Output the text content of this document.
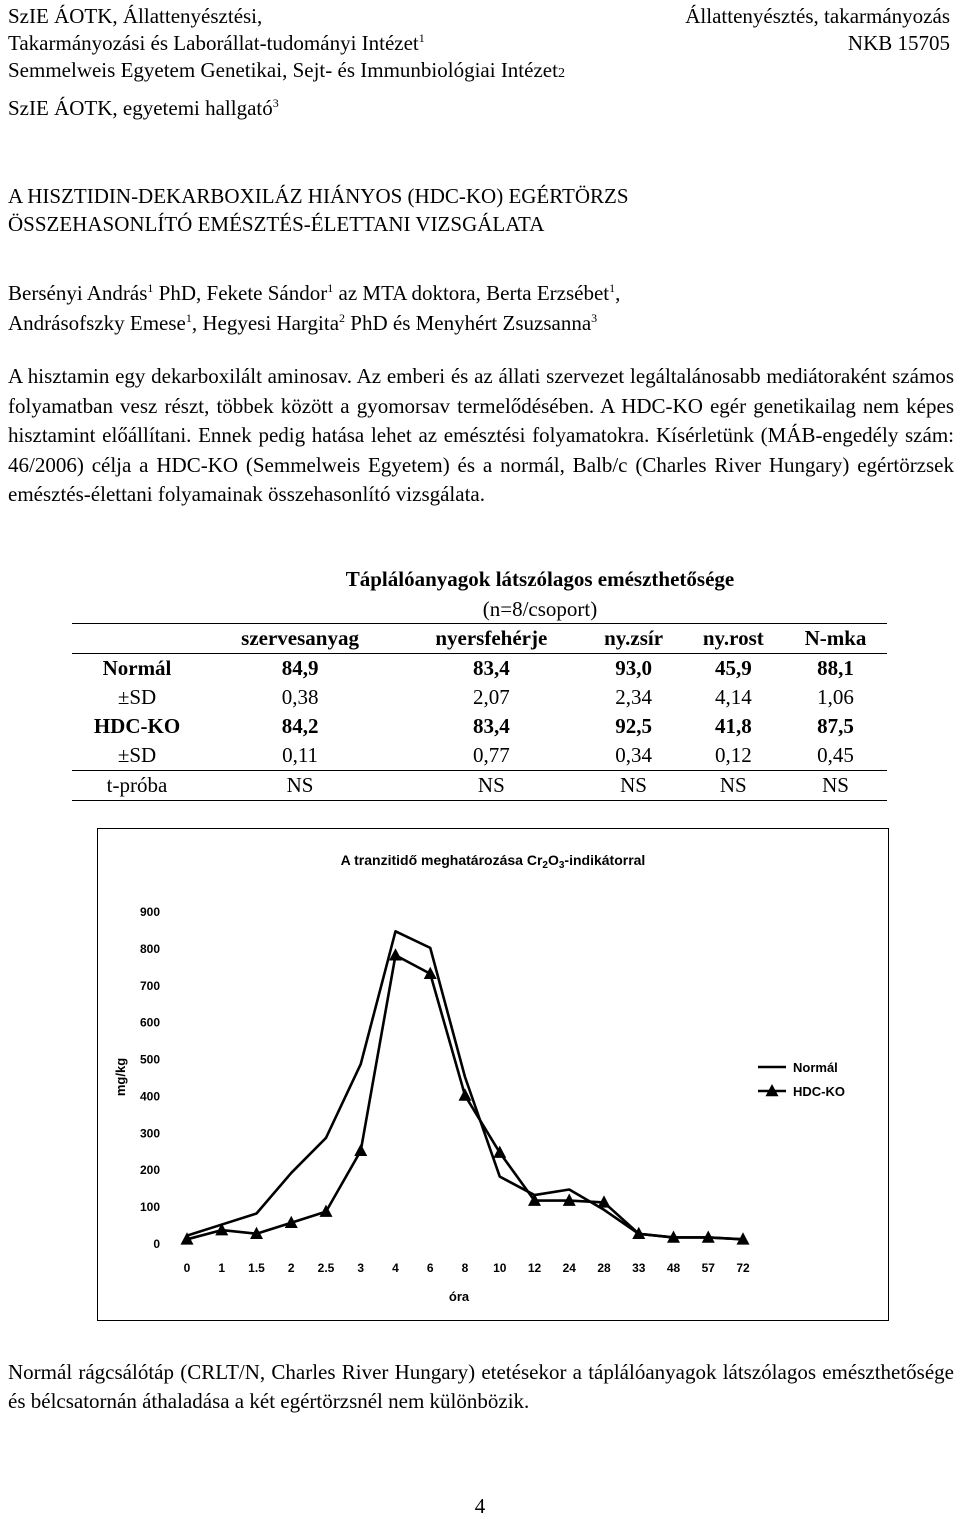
SzIE ÁOTK, Állattenyésztési,	Állattenyésztés, takarmányozás
Takarmányozási és Laborállat-tudományi Intézet$^1$	NKB 15705
Semmelweis Egyetem Genetikai, Sejt- és Immunbiológiai Intézet2
SzIE ÁOTK, egyetemi hallgató$^3$
A HISZTIDIN-DEKARBOXILÁZ HIÁNYOS (HDC-KO) EGÉRTÖRZS
ÖSSZEHASONLÍTÓ EMÉSZTÉS-ÉLETTANI VIZSGÁLATA
Bersényi András$^1$ PhD, Fekete Sándor$^1$ az MTA doktora, Berta Erzsébet$^1$,
Andrásofszky Emese$^1$, Hegyesi Hargita$^2$ PhD és Menyhért Zsuzsanna$^3$
A hisztamin egy dekarboxilált aminosav. Az emberi és az állati szervezet legáltalánosabb mediátoraként számos folyamatban vesz részt, többek között a gyomorsav termelődésében. A HDC-KO egér genetikailag nem képes hisztamint előállítani. Ennek pedig hatása lehet az emésztési folyamatokra. Kísérletünk (MÁB-engedély szám: 46/2006) célja a HDC-KO (Semmelweis Egyetem) és a normál, Balb/c (Charles River Hungary) egértörzsek emésztés-élettani folyamainak összehasonlító vizsgálata.
Táplálóanyagok látszólagos emészthetősége
(n=8/csoport)
	szervesanyag	nyersfehérje	ny.zsír	ny.rost	N-mka
Normál	84,9	83,4	93,0	45,9	88,1
±SD	0,38	2,07	2,34	4,14	1,06
HDC-KO	84,2	83,4	92,5	41,8	87,5
±SD	0,11	0,77	0,34	0,12	0,45
t-próba	NS	NS	NS	NS	NS
A tranzitidő meghatározása $Cr_2O_3$-indikátorral
mg/kg
óra
0
100
200
300
400
500
600
700
800
900
0 1 1.5 2 2.5 3 4 6 8 10 12 24 28 33 48 57 72
Normál
HDC-KO
Normál rágcsálótáp (CRLT/N, Charles River Hungary) etetésekor a táplálóanyagok látszólagos emészthetősége és bélcsatornán áthaladása a két egértörzsnél nem különbözik.
4
